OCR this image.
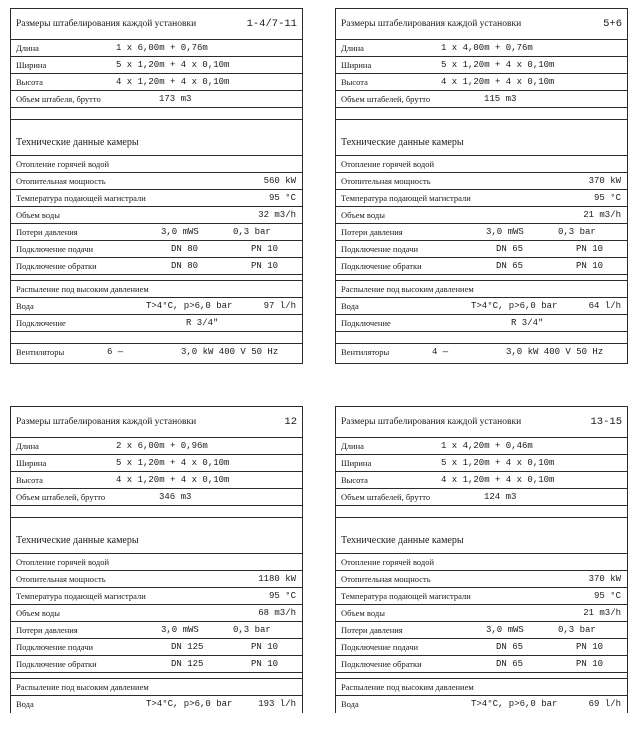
Размеры штабелирования каждой установки	1-4/7-11
Длина	1 x 6,00m + 0,76m
Ширина	5 x 1,20m + 4 x 0,10m
Высота	4 x 1,20m + 4 x 0,10m
Объем штабеля, брутто	173 m3
Технические данные камеры
Отопление горячей водой
Отопительная мощность	560 kW
Температура подающей магистрали	95 °C
Объем воды	32 m3/h
Потери давления	3,0 mWS	0,3 bar
Подключение подачи	DN 80	PN 10
Подключение обратки	DN 80	PN 10
Распыление под высоким давлением
Вода	T>4°C, p>6,0 bar	97 l/h
Подключение	R 3/4"
Вентиляторы	6 —	3,0 kW 400 V 50 Hz
Размеры штабелирования каждой установки	5+6
Длина	1 x 4,00m + 0,76m
Ширина	5 x 1,20m + 4 x 0,10m
Высота	4 x 1,20m + 4 x 0,10m
Объем штабелей, брутто	115 m3
Технические данные камеры
Отопление горячей водой
Отопительная мощность	370 kW
Температура подающей магистрали	95 °C
Объем воды	21 m3/h
Потери давления	3,0 mWS	0,3 bar
Подключение подачи	DN 65	PN 10
Подключение обратки	DN 65	PN 10
Распыление под высоким давлением
Вода	T>4°C, p>6,0 bar	64 l/h
Подключение	R 3/4"
Вентиляторы	4 —	3,0 kW 400 V 50 Hz
Размеры штабелирования каждой установки	12
Длина	2 x 6,00m + 0,96m
Ширина	5 x 1,20m + 4 x 0,10m
Высота	4 x 1,20m + 4 x 0,10m
Объем штабелей, брутто	346 m3
Технические данные камеры
Отопление горячей водой
Отопительная мощность	1180 kW
Температура подающей магистрали	95 °C
Объем воды	68 m3/h
Потери давления	3,0 mWS	0,3 bar
Подключение подачи	DN 125	PN 10
Подключение обратки	DN 125	PN 10
Распыление под высоким давлением
Вода	T>4°C, p>6,0 bar	193 l/h
Размеры штабелирования каждой установки	13-15
Длина	1 x 4,20m + 0,46m
Ширина	5 x 1,20m + 4 x 0,10m
Высота	4 x 1,20m + 4 x 0,10m
Объем штабелей, брутто	124 m3
Технические данные камеры
Отопление горячей водой
Отопительная мощность	370 kW
Температура подающей магистрали	95 °C
Объем воды	21 m3/h
Потери давления	3,0 mWS	0,3 bar
Подключение подачи	DN 65	PN 10
Подключение обратки	DN 65	PN 10
Распыление под высоким давлением
Вода	T>4°C, p>6,0 bar	69 l/h
